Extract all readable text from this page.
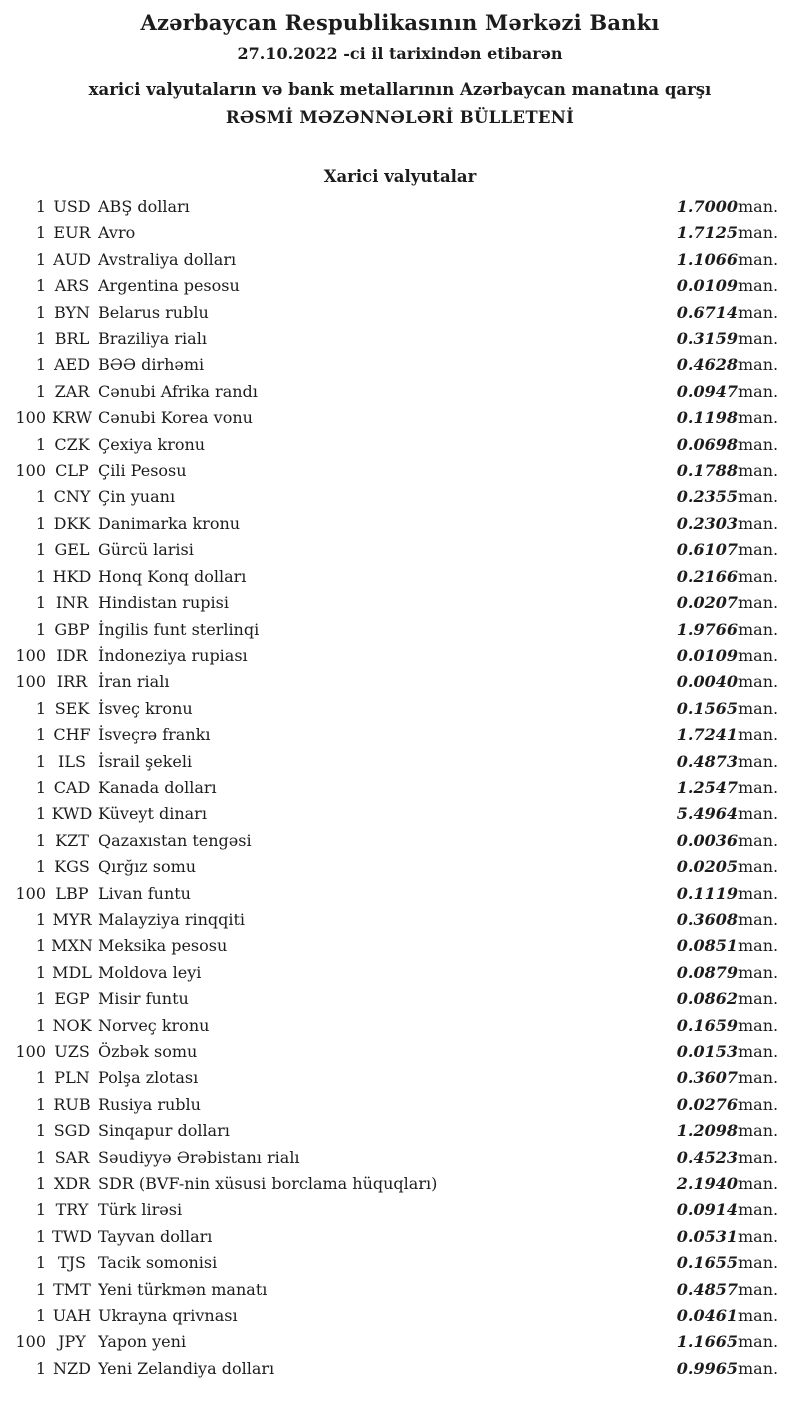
Azərbaycan Respublikasının Mərkəzi Bankı
27.10.2022 -ci il tarixindən etibarən
xarici valyutaların və bank metallarının Azərbaycan manatına qarşı
RƏSMİ MƏZƏNNƏLƏRİ BÜLLETENİ
Xarici valyutalar
1	USD	ABŞ dolları	1.7000	man.
1	EUR	Avro	1.7125	man.
1	AUD	Avstraliya dolları	1.1066	man.
1	ARS	Argentina pesosu	0.0109	man.
1	BYN	Belarus rublu	0.6714	man.
1	BRL	Braziliya rialı	0.3159	man.
1	AED	BƏƏ dirhəmi	0.4628	man.
1	ZAR	Cənubi Afrika randı	0.0947	man.
100	KRW	Cənubi Korea vonu	0.1198	man.
1	CZK	Çexiya kronu	0.0698	man.
100	CLP	Çili Pesosu	0.1788	man.
1	CNY	Çin yuanı	0.2355	man.
1	DKK	Danimarka kronu	0.2303	man.
1	GEL	Gürcü larisi	0.6107	man.
1	HKD	Honq Konq dolları	0.2166	man.
1	INR	Hindistan rupisi	0.0207	man.
1	GBP	İngilis funt sterlinqi	1.9766	man.
100	IDR	İndoneziya rupiası	0.0109	man.
100	IRR	İran rialı	0.0040	man.
1	SEK	İsveç kronu	0.1565	man.
1	CHF	İsveçrə frankı	1.7241	man.
1	ILS	İsrail şekeli	0.4873	man.
1	CAD	Kanada dolları	1.2547	man.
1	KWD	Küveyt dinarı	5.4964	man.
1	KZT	Qazaxıstan tengəsi	0.0036	man.
1	KGS	Qırğız somu	0.0205	man.
100	LBP	Livan funtu	0.1119	man.
1	MYR	Malayziya rinqqiti	0.3608	man.
1	MXN	Meksika pesosu	0.0851	man.
1	MDL	Moldova leyi	0.0879	man.
1	EGP	Misir funtu	0.0862	man.
1	NOK	Norveç kronu	0.1659	man.
100	UZS	Özbək somu	0.0153	man.
1	PLN	Polşa zlotası	0.3607	man.
1	RUB	Rusiya rublu	0.0276	man.
1	SGD	Sinqapur dolları	1.2098	man.
1	SAR	Səudiyyə Ərəbistanı rialı	0.4523	man.
1	XDR	SDR (BVF-nin xüsusi borclama hüquqları)	2.1940	man.
1	TRY	Türk lirəsi	0.0914	man.
1	TWD	Tayvan dolları	0.0531	man.
1	TJS	Tacik somonisi	0.1655	man.
1	TMT	Yeni türkmən manatı	0.4857	man.
1	UAH	Ukrayna qrivnası	0.0461	man.
100	JPY	Yapon yeni	1.1665	man.
1	NZD	Yeni Zelandiya dolları	0.9965	man.
